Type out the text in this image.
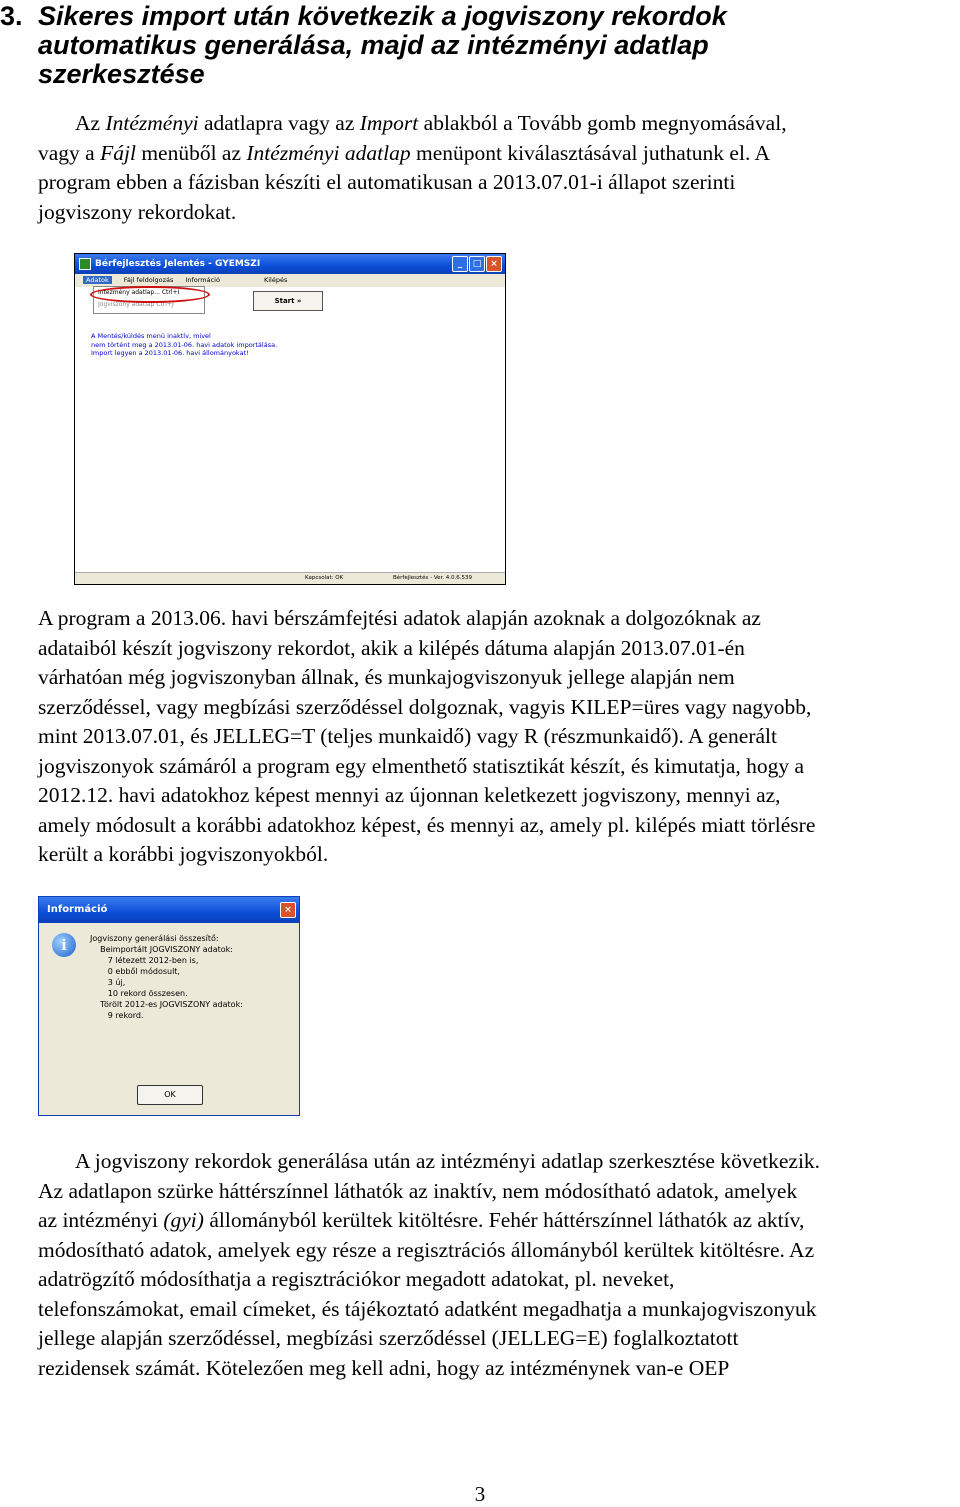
3. Sikeres import után következik a jogviszony rekordok
automatikus generálása, majd az intézményi adatlap
szerkesztése
Az Intézményi adatlapra vagy az Import ablakból a Tovább gomb megnyomásával,
vagy a Fájl menüből az Intézményi adatlap menüpont kiválasztásával juthatunk el. A
program ebben a fázisban készíti el automatikusan a 2013.07.01-i állapot szerinti
jogviszony rekordokat.
Bérfejlesztés Jelentés - GYEMSZI	_ □ ×
Adatok Fájl feldolgozás Információ	Kilépés
Intézmény adatlap... Ctrl+I
Jogviszony adatlap Ctrl+J	Start »
A Mentés/küldés menü inaktív, mivel
nem történt meg a 2013.01-06. havi adatok importálása.
Import legyen a 2013.01-06. havi állományokat!
Kapcsolat: OK	Bérfejlesztés - Ver. 4.0.6.539
A program a 2013.06. havi bérszámfejtési adatok alapján azoknak a dolgozóknak az
adataiból készít jogviszony rekordot, akik a kilépés dátuma alapján 2013.07.01-én
várhatóan még jogviszonyban állnak, és munkajogviszonyuk jellege alapján nem
szerződéssel, vagy megbízási szerződéssel dolgoznak, vagyis KILEP=üres vagy nagyobb,
mint 2013.07.01, és JELLEG=T (teljes munkaidő) vagy R (részmunkaidő). A generált
jogviszonyok számáról a program egy elmenthető statisztikát készít, és kimutatja, hogy a
2012.12. havi adatokhoz képest mennyi az újonnan keletkezett jogviszony, mennyi az,
amely módosult a korábbi adatokhoz képest, és mennyi az, amely pl. kilépés miatt törlésre
került a korábbi jogviszonyokból.
Információ	×
i	Jogviszony generálási összesítő:
Beimportált JOGVISZONY adatok:
7 létezett 2012-ben is,
0 ebből módosult,
3 új,
10 rekord összesen.
Törölt 2012-es JOGVISZONY adatok:
9 rekord.
OK
A jogviszony rekordok generálása után az intézményi adatlap szerkesztése következik.
Az adatlapon szürke háttérszínnel láthatók az inaktív, nem módosítható adatok, amelyek
az intézményi (gyi) állományból kerültek kitöltésre. Fehér háttérszínnel láthatók az aktív,
módosítható adatok, amelyek egy része a regisztrációs állományból kerültek kitöltésre. Az
adatrögzítő módosíthatja a regisztrációkor megadott adatokat, pl. neveket,
telefonszámokat, email címeket, és tájékoztató adatként megadhatja a munkajogviszonyuk
jellege alapján szerződéssel, megbízási szerződéssel (JELLEG=E) foglalkoztatott
rezidensek számát. Kötelezően meg kell adni, hogy az intézménynek van-e OEP
3
